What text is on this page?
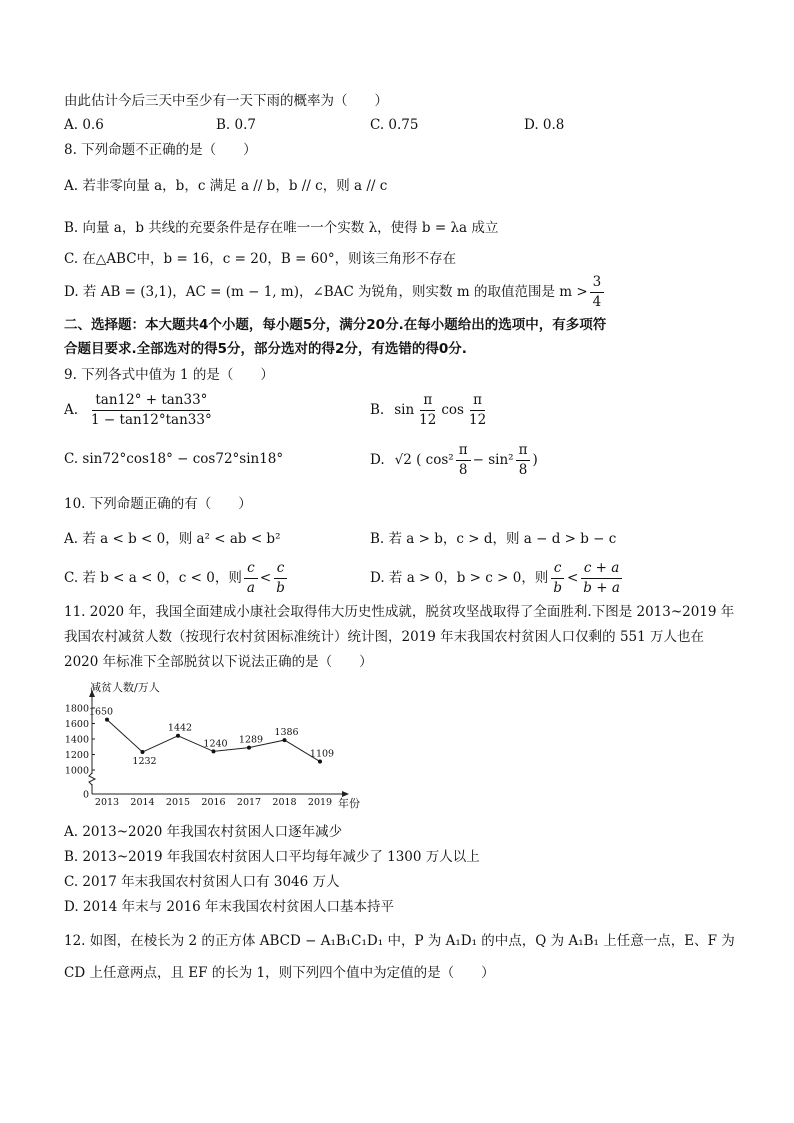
由此估计今后三天中至少有一天下雨的概率为（　　）
A. 0.6	B. 0.7	C. 0.75	D. 0.8
8. 下列命题不正确的是（　　）
A. 若非零向量 a，b，c 满足 a // b，b // c，则 a // c
B. 向量 a，b 共线的充要条件是存在唯一一个实数 λ，使得 b = λa 成立
C. 在△ABC中，b = 16，c = 20，B = 60°，则该三角形不存在
D. 若 AB = (3,1)，AC = (m − 1, m)，∠BAC 为锐角，则实数 m 的取值范围是 $m > \frac{3}{4}$
二、选择题：本大题共4个小题，每小题5分，满分20分.在每小题给出的选项中，有多项符
合题目要求.全部选对的得5分，部分选对的得2分，有选错的得0分.
9. 下列各式中值为 1 的是（　　）
A. $\frac{\tan 12^\circ + \tan 33^\circ}{1 - \tan 12^\circ\tan 33^\circ}$	B. $\sin \frac{\pi}{12}$ $\cos \frac{\pi}{12}$
C. sin72°cos18° − cos72°sin18°	D. √2 ( $\cos^2 \frac{\pi}{8} - \sin^2 \frac{\pi}{8}$ )
10. 下列命题正确的有（　　）
A. 若 a < b < 0，则 a² < ab < b²	B. 若 a > b，c > d，则 a − d > b − c
C. 若 b < a < 0，c < 0，则 $\frac{c}{a} < \frac{c}{b}$	D. 若 a > 0，b > c > 0，则 $\frac{c}{b} < \frac{c + a}{b + a}$
11. 2020 年，我国全面建成小康社会取得伟大历史性成就，脱贫攻坚战取得了全面胜利.下图是 2013~2019 年
我国农村减贫人数（按现行农村贫困标准统计）统计图，2019 年末我国农村贫困人口仅剩的 551 万人也在
2020 年标准下全部脱贫以下说法正确的是（　　）
0
1000
1200
1400
1600
1800
减贫人数/万人
1650
2013
1232
2014
1442
2015
1240
2016
1289
2017
1386
2018
1109
2019 年份
A. 2013~2020 年我国农村贫困人口逐年减少
B. 2013~2019 年我国农村贫困人口平均每年减少了 1300 万人以上
C. 2017 年末我国农村贫困人口有 3046 万人
D. 2014 年末与 2016 年末我国农村贫困人口基本持平
12. 如图，在棱长为 2 的正方体 ABCD − A₁B₁C₁D₁ 中，P 为 A₁D₁ 的中点，Q 为 A₁B₁ 上任意一点，E、F 为
CD 上任意两点，且 EF 的长为 1，则下列四个值中为定值的是（　　）
